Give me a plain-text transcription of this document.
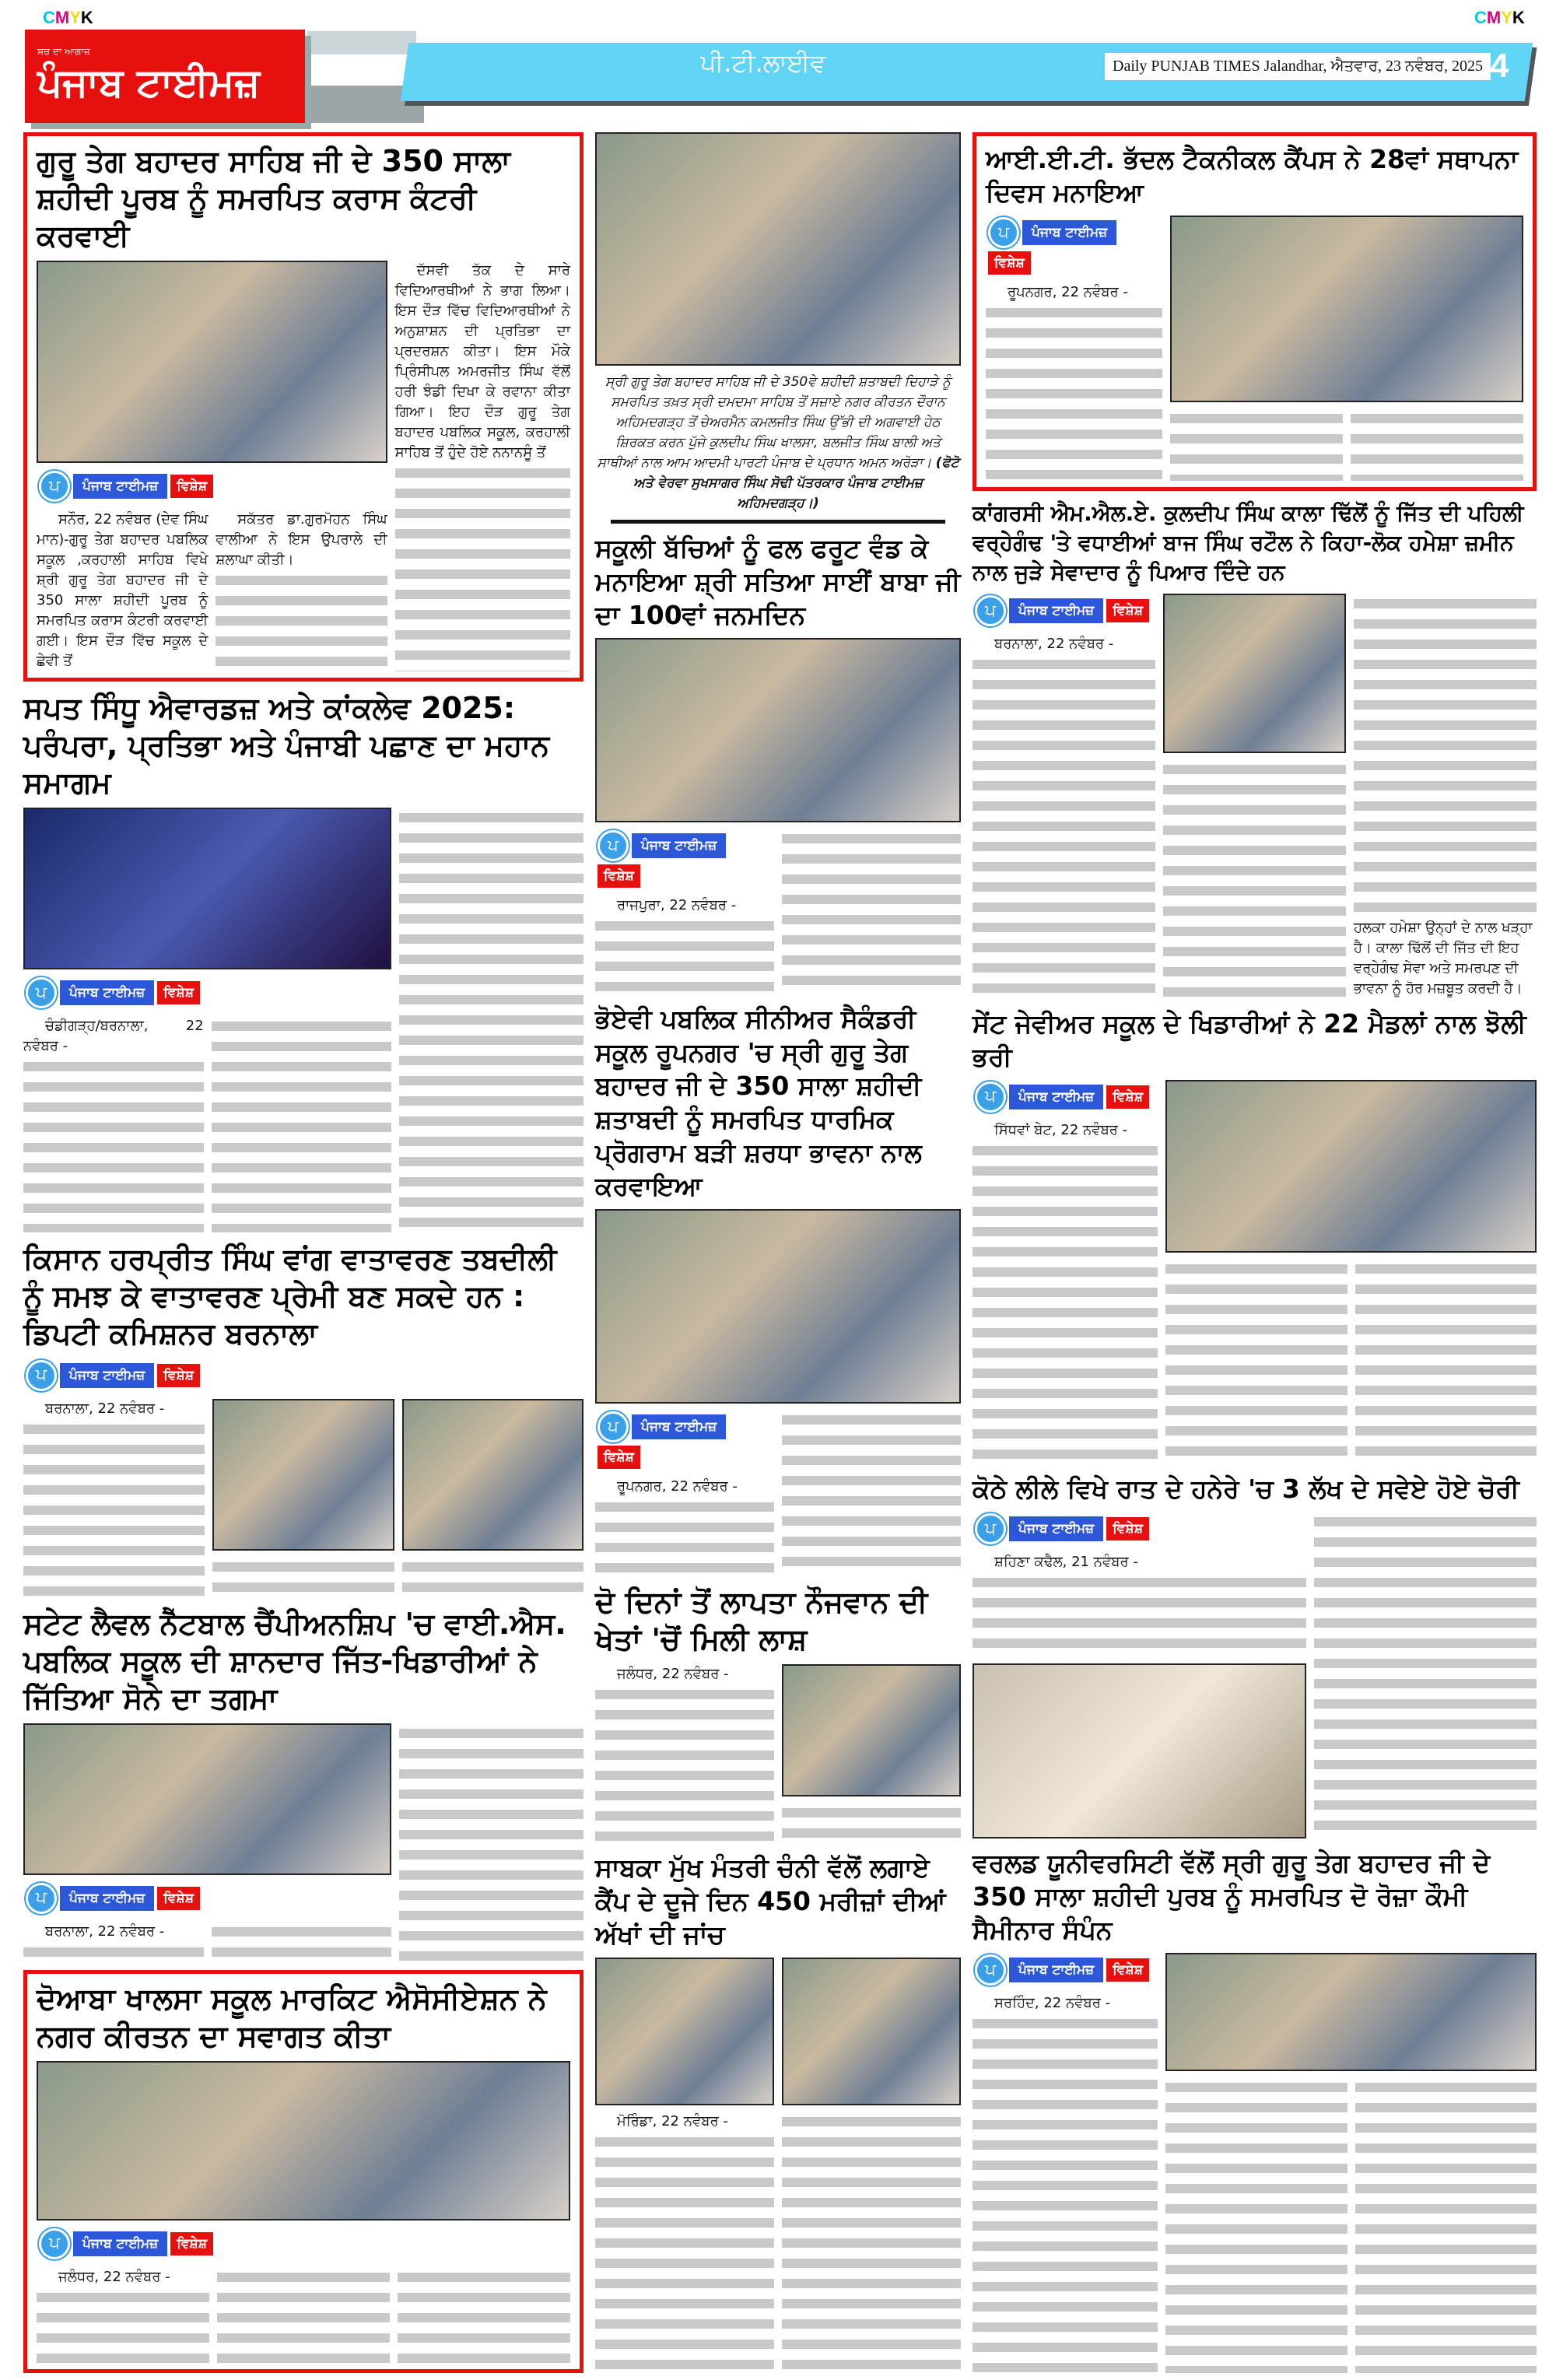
CMYK	CMYK
ਸਚ ਦਾ ਆਗਾਜ਼
ਪੰਜਾਬ ਟਾਈਮਜ਼	ਪੀ.ਟੀ.ਲਾਈਵ	Daily PUNJAB TIMES Jalandhar, ਐਤਵਾਰ, 23 ਨਵੰਬਰ, 2025 4
ਗੁਰੂ ਤੇਗ ਬਹਾਦਰ ਸਾਹਿਬ ਜੀ ਦੇ 350 ਸਾਲਾ ਸ਼ਹੀਦੀ ਪੂਰਬ ਨੂੰ ਸਮਰਪਿਤ ਕਰਾਸ ਕੰਟਰੀ ਕਰਵਾਈ
ਪ	ਪੰਜਾਬ ਟਾਈਮਜ਼	ਵਿਸ਼ੇਸ਼

ਸਨੌਰ, 22 ਨਵੰਬਰ (ਦੇਵ ਸਿੰਘ ਮਾਨ)-ਗੁਰੂ ਤੇਗ ਬਹਾਦਰ ਪਬਲਿਕ ਸਕੂਲ ,ਕਰਹਾਲੀ ਸਾਹਿਬ ਵਿਖੇ ਸ਼੍ਰੀ ਗੁਰੂ ਤੇਗ ਬਹਾਦਰ ਜੀ ਦੇ 350 ਸਾਲਾ ਸ਼ਹੀਦੀ ਪੂਰਬ ਨੂੰ ਸਮਰਪਿਤ ਕਰਾਸ ਕੰਟਰੀ ਕਰਵਾਈ ਗਈ। ਇਸ ਦੌੜ ਵਿੱਚ ਸਕੂਲ ਦੇ ਛੇਵੀ ਤੋਂ

ਸਕੱਤਰ ਡਾ.ਗੁਰਮੋਹਨ ਸਿੰਘ ਵਾਲੀਆ ਨੇ ਇਸ ਉਪਰਾਲੇ ਦੀ ਸ਼ਲਾਘਾ ਕੀਤੀ।

ਦੱਸਵੀ ਤੱਕ ਦੇ ਸਾਰੇ ਵਿਦਿਆਰਥੀਆਂ ਨੇ ਭਾਗ ਲਿਆ। ਇਸ ਦੌੜ ਵਿੱਚ ਵਿਦਿਆਰਥੀਆਂ ਨੇ ਅਨੁਸ਼ਾਸ਼ਨ ਦੀ ਪ੍ਰਤਿਭਾ ਦਾ ਪ੍ਰਦਰਸ਼ਨ ਕੀਤਾ। ਇਸ ਮੌਕੇ ਪ੍ਰਿੰਸੀਪਲ ਅਮਰਜੀਤ ਸਿੰਘ ਵੱਲੋਂ ਹਰੀ ਝੰਡੀ ਦਿਖਾ ਕੇ ਰਵਾਨਾ ਕੀਤਾ ਗਿਆ। ਇਹ ਦੌੜ ਗੁਰੂ ਤੇਗ ਬਹਾਦਰ ਪਬਲਿਕ ਸਕੂਲ, ਕਰਹਾਲੀ ਸਾਹਿਬ ਤੋਂ ਹੁੰਦੇ ਹੋਏ ਨਨਾਨਸੂੰ ਤੋਂ

ਸਪਤ ਸਿੰਧੂ ਐਵਾਰਡਜ਼ ਅਤੇ ਕਾਂਕਲੇਵ 2025: ਪਰੰਪਰਾ, ਪ੍ਰਤਿਭਾ ਅਤੇ ਪੰਜਾਬੀ ਪਛਾਣ ਦਾ ਮਹਾਨ ਸਮਾਗਮ
ਪ	ਪੰਜਾਬ ਟਾਈਮਜ਼	ਵਿਸ਼ੇਸ਼

ਚੰਡੀਗੜ੍ਹ/ਬਰਨਾਲਾ, 22 ਨਵੰਬਰ -

ਕਿਸਾਨ ਹਰਪ੍ਰੀਤ ਸਿੰਘ ਵਾਂਗ ਵਾਤਾਵਰਣ ਤਬਦੀਲੀ ਨੂੰ ਸਮਝ ਕੇ ਵਾਤਾਵਰਣ ਪ੍ਰੇਮੀ ਬਣ ਸਕਦੇ ਹਨ : ਡਿਪਟੀ ਕਮਿਸ਼ਨਰ ਬਰਨਾਲਾ
ਪ	ਪੰਜਾਬ ਟਾਈਮਜ਼	ਵਿਸ਼ੇਸ਼

ਬਰਨਾਲਾ, 22 ਨਵੰਬਰ -

ਸਟੇਟ ਲੈਵਲ ਨੈੱਟਬਾਲ ਚੈਂਪੀਅਨਸ਼ਿਪ 'ਚ ਵਾਈ.ਐਸ. ਪਬਲਿਕ ਸਕੂਲ ਦੀ ਸ਼ਾਨਦਾਰ ਜਿੱਤ-ਖਿਡਾਰੀਆਂ ਨੇ ਜਿੱਤਿਆ ਸੋਨੇ ਦਾ ਤਗਮਾ
ਪ	ਪੰਜਾਬ ਟਾਈਮਜ਼	ਵਿਸ਼ੇਸ਼

ਬਰਨਾਲਾ, 22 ਨਵੰਬਰ -

ਦੋਆਬਾ ਖਾਲਸਾ ਸਕੂਲ ਮਾਰਕਿਟ ਐਸੋਸੀਏਸ਼ਨ ਨੇ ਨਗਰ ਕੀਰਤਨ ਦਾ ਸਵਾਗਤ ਕੀਤਾ
ਪ	ਪੰਜਾਬ ਟਾਈਮਜ਼	ਵਿਸ਼ੇਸ਼

ਜਲੰਧਰ, 22 ਨਵੰਬਰ -

ਸ੍ਰੀ ਗੁਰੂ ਤੇਗ ਬਹਾਦਰ ਸਾਹਿਬ ਜੀ ਦੇ 350ਵੇ ਸ਼ਹੀਦੀ ਸ਼ਤਾਬਦੀ ਦਿਹਾੜੇ ਨੂੰ ਸਮਰਪਿਤ ਤਖ਼ਤ ਸ੍ਰੀ ਦਮਦਮਾ ਸਾਹਿਬ ਤੋਂ ਸਜ਼ਾਏ ਨਗਰ ਕੀਰਤਨ ਦੌਰਾਨ ਅਹਿਮਦਗੜ੍ਹ ਤੋਂ ਚੇਅਰਮੈਨ ਕਮਲਜੀਤ ਸਿੰਘ ਉੱਭੀ ਦੀ ਅਗਵਾਈ ਹੇਠ ਸ਼ਿਰਕਤ ਕਰਨ ਪੁੱਜੇ ਕੁਲਦੀਪ ਸਿੰਘ ਖਾਲਸਾ, ਬਲਜੀਤ ਸਿੰਘ ਬਾਲੀ ਅਤੇ ਸਾਥੀਆਂ ਨਾਲ ਆਮ ਆਦਮੀ ਪਾਰਟੀ ਪੰਜਾਬ ਦੇ ਪ੍ਰਧਾਨ ਅਮਨ ਅਰੋੜਾ। (ਫੋਟੋ ਅਤੇ ਵੇਰਵਾ ਸੁਖਸਾਗਰ ਸਿੰਘ ਸੋਢੀ ਪੱਤਰਕਾਰ ਪੰਜਾਬ ਟਾਈਮਜ਼ ਅਹਿਮਦਗੜ੍ਹ।)
ਸਕੂਲੀ ਬੱਚਿਆਂ ਨੂੰ ਫਲ ਫਰੂਟ ਵੰਡ ਕੇ ਮਨਾਇਆ ਸ਼੍ਰੀ ਸਤਿਆ ਸਾਈਂ ਬਾਬਾ ਜੀ ਦਾ 100ਵਾਂ ਜਨਮਦਿਨ
ਪ	ਪੰਜਾਬ ਟਾਈਮਜ਼
ਵਿਸ਼ੇਸ਼

ਰਾਜਪੁਰਾ, 22 ਨਵੰਬਰ -

ਭੋਏਵੀ ਪਬਲਿਕ ਸੀਨੀਅਰ ਸੈਕੰਡਰੀ ਸਕੂਲ ਰੂਪਨਗਰ 'ਚ ਸ੍ਰੀ ਗੁਰੂ ਤੇਗ ਬਹਾਦਰ ਜੀ ਦੇ 350 ਸਾਲਾ ਸ਼ਹੀਦੀ ਸ਼ਤਾਬਦੀ ਨੂੰ ਸਮਰਪਿਤ ਧਾਰਮਿਕ ਪ੍ਰੋਗਰਾਮ ਬੜੀ ਸ਼ਰਧਾ ਭਾਵਨਾ ਨਾਲ ਕਰਵਾਇਆ
ਪ	ਪੰਜਾਬ ਟਾਈਮਜ਼
ਵਿਸ਼ੇਸ਼

ਰੂਪਨਗਰ, 22 ਨਵੰਬਰ -

ਦੋ ਦਿਨਾਂ ਤੋਂ ਲਾਪਤਾ ਨੌਜਵਾਨ ਦੀ ਖੇਤਾਂ 'ਚੋਂ ਮਿਲੀ ਲਾਸ਼

ਜਲੰਧਰ, 22 ਨਵੰਬਰ -

ਸਾਬਕਾ ਮੁੱਖ ਮੰਤਰੀ ਚੰਨੀ ਵੱਲੋਂ ਲਗਾਏ ਕੈਂਪ ਦੇ ਦੂਜੇ ਦਿਨ 450 ਮਰੀਜ਼ਾਂ ਦੀਆਂ ਅੱਖਾਂ ਦੀ ਜਾਂਚ

ਮੋਰਿੰਡਾ, 22 ਨਵੰਬਰ -

ਆਈ.ਈ.ਟੀ. ਭੱਦਲ ਟੈਕਨੀਕਲ ਕੈਂਪਸ ਨੇ 28ਵਾਂ ਸਥਾਪਨਾ ਦਿਵਸ ਮਨਾਇਆ
ਪ	ਪੰਜਾਬ ਟਾਈਮਜ਼
ਵਿਸ਼ੇਸ਼

ਰੂਪਨਗਰ, 22 ਨਵੰਬਰ -

ਕਾਂਗਰਸੀ ਐਮ.ਐਲ.ਏ. ਕੁਲਦੀਪ ਸਿੰਘ ਕਾਲਾ ਢਿੱਲੋਂ ਨੂੰ ਜਿੱਤ ਦੀ ਪਹਿਲੀ ਵਰ੍ਹੇਗੰਢ 'ਤੇ ਵਧਾਈਆਂ ਬਾਜ ਸਿੰਘ ਰਟੌਲ ਨੇ ਕਿਹਾ-ਲੋਕ ਹਮੇਸ਼ਾ ਜ਼ਮੀਨ ਨਾਲ ਜੁੜੇ ਸੇਵਾਦਾਰ ਨੂੰ ਪਿਆਰ ਦਿੰਦੇ ਹਨ
ਪ	ਪੰਜਾਬ ਟਾਈਮਜ਼	ਵਿਸ਼ੇਸ਼

ਬਰਨਾਲਾ, 22 ਨਵੰਬਰ -

ਹਲਕਾ ਹਮੇਸ਼ਾ ਉਨ੍ਹਾਂ ਦੇ ਨਾਲ ਖੜ੍ਹਾ ਹੈ। ਕਾਲਾ ਢਿੱਲੋਂ ਦੀ ਜਿੱਤ ਦੀ ਇਹ ਵਰ੍ਹੇਗੰਢ ਸੇਵਾ ਅਤੇ ਸਮਰਪਣ ਦੀ ਭਾਵਨਾ ਨੂੰ ਹੋਰ ਮਜ਼ਬੂਤ ਕਰਦੀ ਹੈ।
ਸੇਂਟ ਜੇਵੀਅਰ ਸਕੂਲ ਦੇ ਖਿਡਾਰੀਆਂ ਨੇ 22 ਮੈਡਲਾਂ ਨਾਲ ਝੋਲੀ ਭਰੀ
ਪ	ਪੰਜਾਬ ਟਾਈਮਜ਼	ਵਿਸ਼ੇਸ਼

ਸਿੱਧਵਾਂ ਬੇਟ, 22 ਨਵੰਬਰ -

ਕੋਠੇ ਲੀਲੇ ਵਿਖੇ ਰਾਤ ਦੇ ਹਨੇਰੇ 'ਚ 3 ਲੱਖ ਦੇ ਸਵੇਏ ਹੋਏ ਚੋਰੀ
ਪ	ਪੰਜਾਬ ਟਾਈਮਜ਼	ਵਿਸ਼ੇਸ਼

ਸ਼ਹਿਣਾ ਕਢੈਲ, 21 ਨਵੰਬਰ -

ਵਰਲਡ ਯੂਨੀਵਰਸਿਟੀ ਵੱਲੋਂ ਸ੍ਰੀ ਗੁਰੂ ਤੇਗ ਬਹਾਦਰ ਜੀ ਦੇ 350 ਸਾਲਾ ਸ਼ਹੀਦੀ ਪੁਰਬ ਨੂੰ ਸਮਰਪਿਤ ਦੋ ਰੋਜ਼ਾ ਕੌਮੀ ਸੈਮੀਨਾਰ ਸੰਪੰਨ
ਪ	ਪੰਜਾਬ ਟਾਈਮਜ਼	ਵਿਸ਼ੇਸ਼

ਸਰਹਿੰਦ, 22 ਨਵੰਬਰ -
